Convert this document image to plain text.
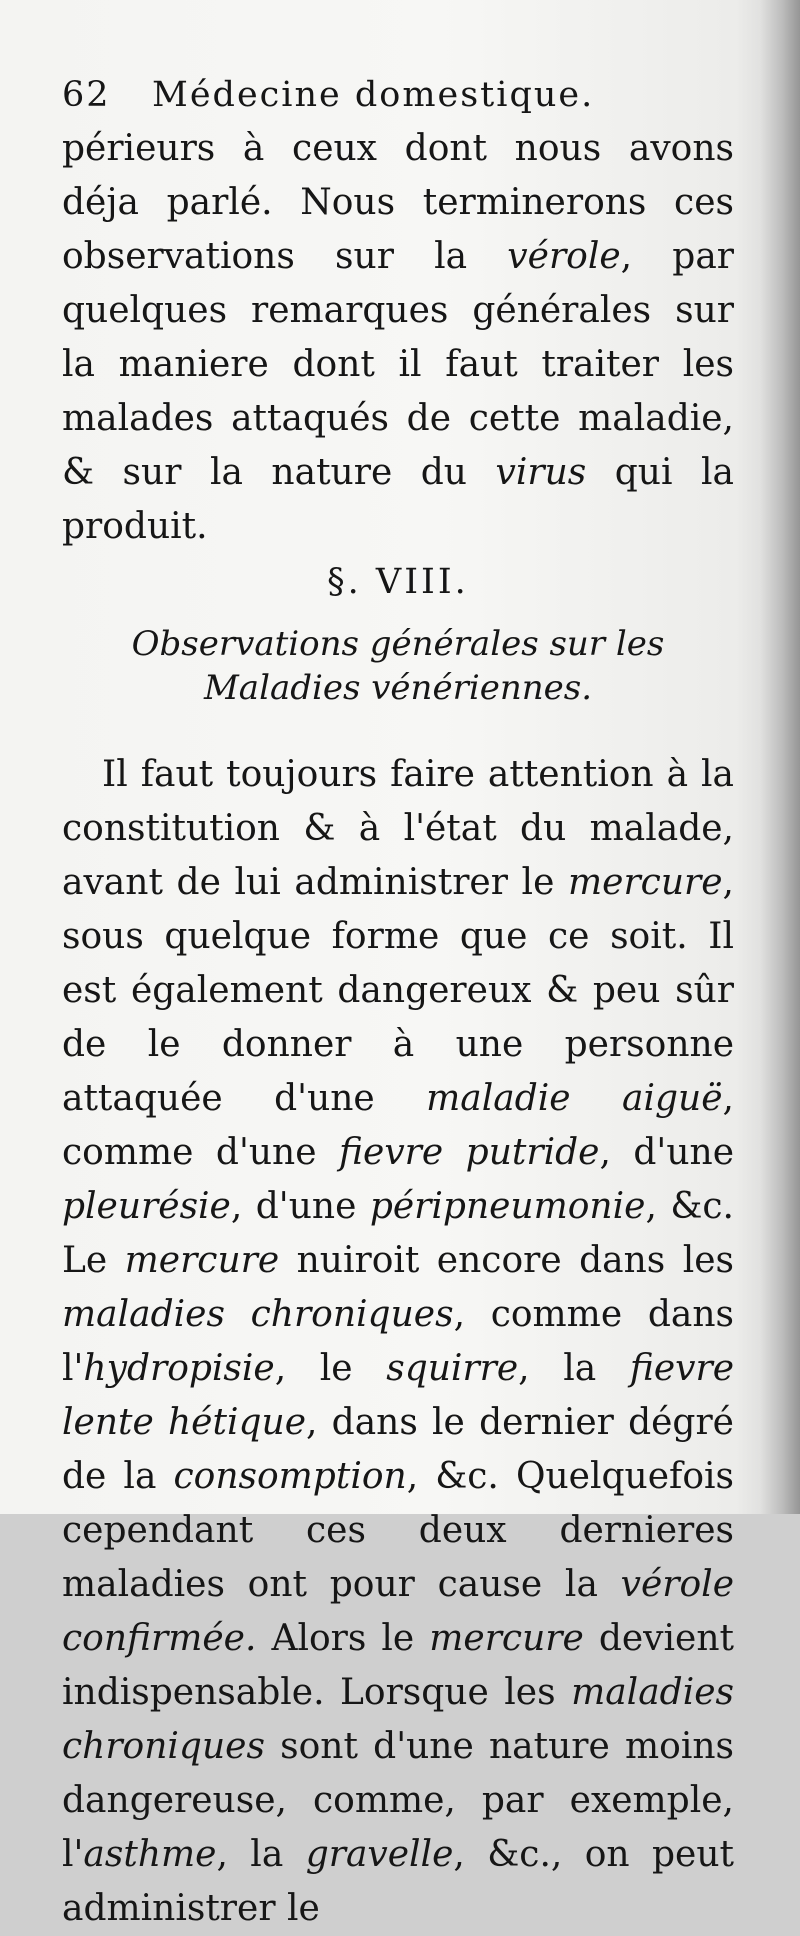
62 Médecine domestique.

périeurs à ceux dont nous avons déja parlé. Nous terminerons ces observations sur la vérole, par quelques remarques générales sur la maniere dont il faut traiter les malades attaqués de cette maladie, & sur la nature du virus qui la produit.

§. VIII.
Observations générales sur les Maladies vénériennes.

Il faut toujours faire attention à la constitution & à l'état du malade, avant de lui administrer le mercure, sous quelque forme que ce soit. Il est également dangereux & peu sûr de le donner à une personne attaquée d'une maladie aiguë, comme d'une fievre putride, d'une pleurésie, d'une péripneumonie, &c. Le mercure nuiroit encore dans les maladies chroniques, comme dans l'hydropisie, le squirre, la fievre lente hétique, dans le dernier dégré de la consomption, &c. Quelquefois cependant ces deux dernieres maladies ont pour cause la vérole confirmée. Alors le mercure devient indispensable. Lorsque les maladies chroniques sont d'une nature moins dangereuse, comme, par exemple, l'asthme, la gravelle, &c., on peut administrer le
